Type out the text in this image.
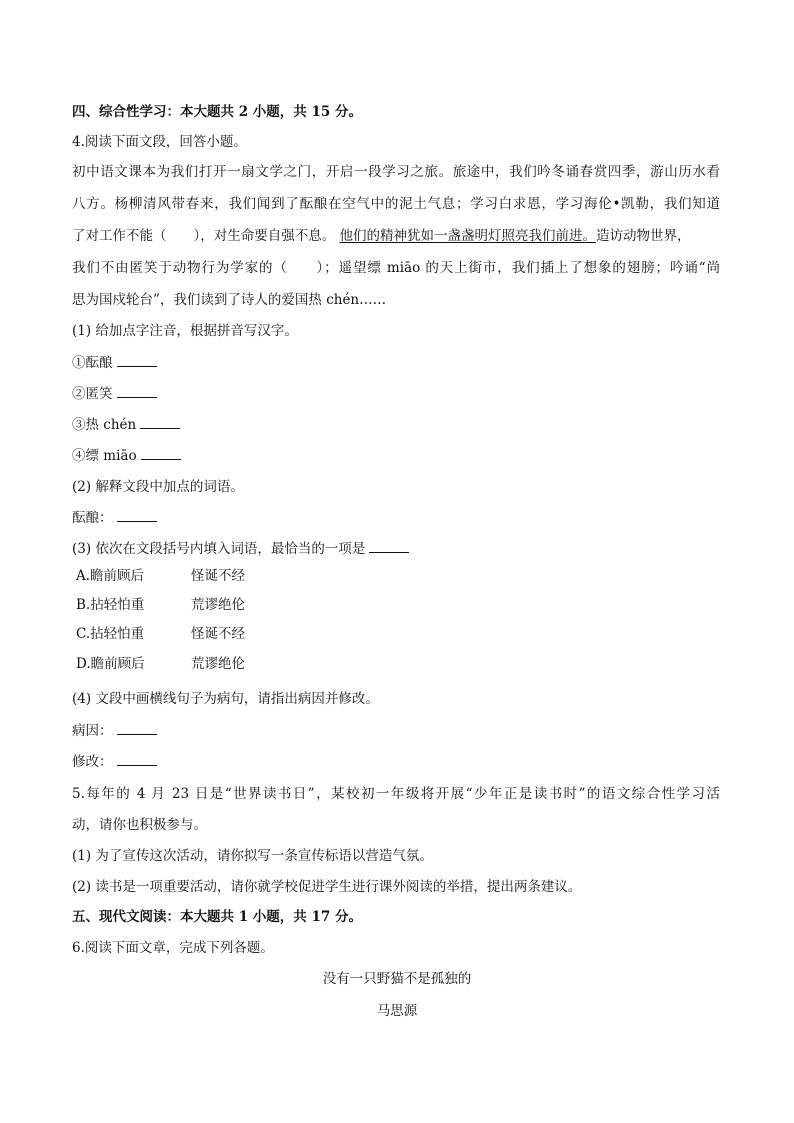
四、综合性学习：本大题共 2 小题，共 15 分。
4.阅读下面文段，回答小题。
初中语文课本为我们打开一扇文学之门，开启一段学习之旅。旅途中，我们吟冬诵春赏四季，游山历水看
八方。杨柳清风带春来，我们闻到了酝酿在空气中的泥土气息；学习白求恩，学习海伦•凯勒，我们知道
了对工作不能（　　），对生命要自强不息。 他们的精神犹如一盏盏明灯照亮我们前进。造访动物世界，
我们不由匿笑于动物行为学家的（　　）；遥望缥 miāo 的天上街市，我们插上了想象的翅膀；吟诵“尚
思为国戍轮台”，我们读到了诗人的爱国热 chén……
(1) 给加点字注音，根据拼音写汉字。
①酝酿
②匿笑
③热 chén
④缥 miāo
(2) 解释文段中加点的词语。
酝酿：
(3) 依次在文段括号内填入词语，最恰当的一项是
A.瞻前顾后	怪诞不经
B.拈轻怕重	荒谬绝伦
C.拈轻怕重	怪诞不经
D.瞻前顾后	荒谬绝伦
(4) 文段中画横线句子为病句，请指出病因并修改。
病因：
修改：
5.每年的 4 月 23 日是“世界读书日”，某校初一年级将开展“少年正是读书时”的语文综合性学习活
动，请你也积极参与。
(1) 为了宣传这次活动，请你拟写一条宣传标语以营造气氛。
(2) 读书是一项重要活动，请你就学校促进学生进行课外阅读的举措，提出两条建议。
五、现代文阅读：本大题共 1 小题，共 17 分。
6.阅读下面文章，完成下列各题。
没有一只野猫不是孤独的
马思源
